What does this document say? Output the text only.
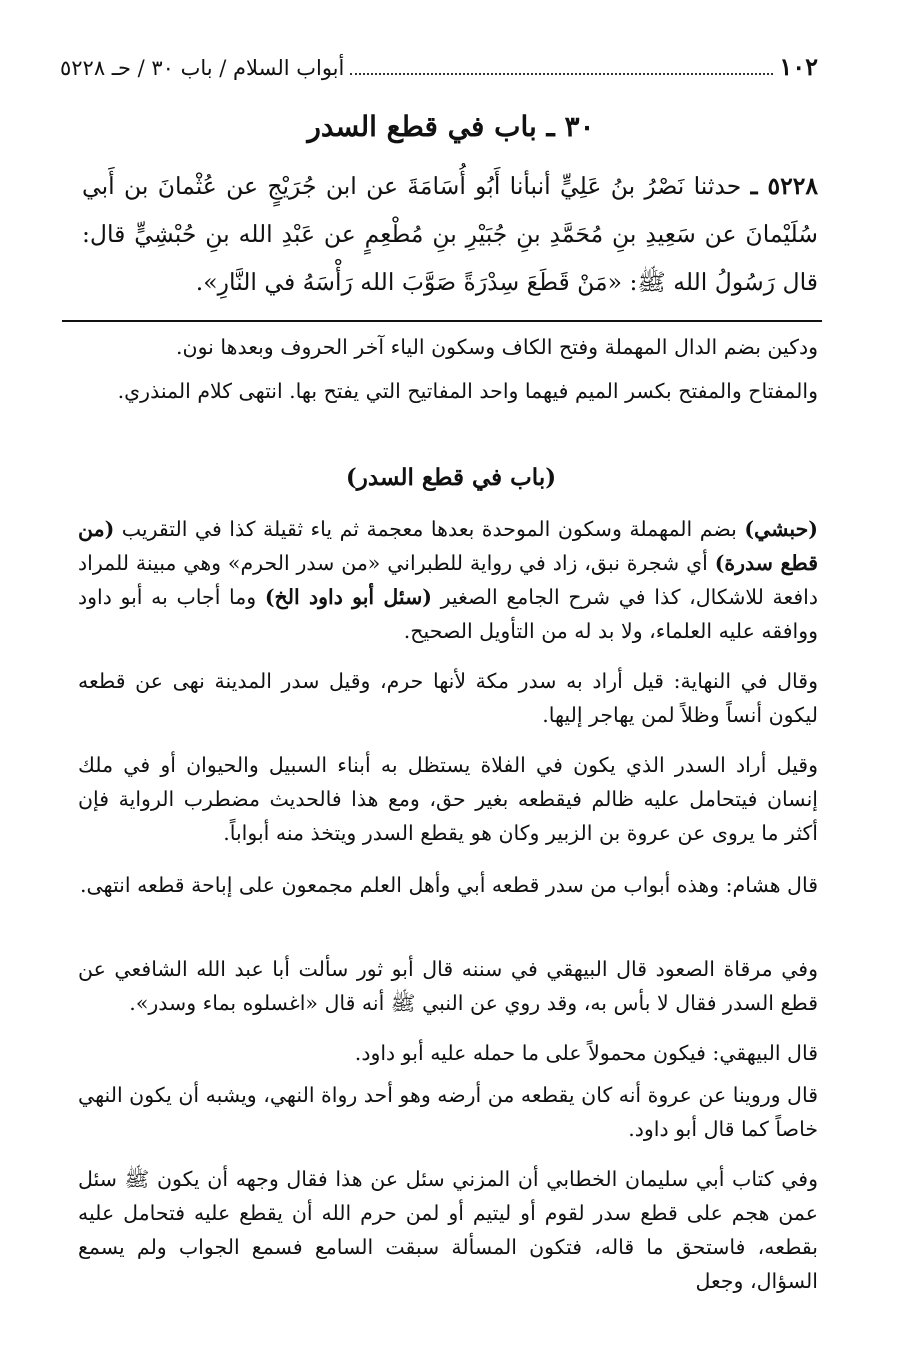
١٠٢
أبواب السلام / باب ٣٠ / حـ ٥٢٢٨
٣٠ ـ باب في قطع السدر

٥٢٢٨ ـ حدثنا نَصْرُ بنُ عَلِيٍّ أنبأنا أَبُو أُسَامَةَ عن ابن جُرَيْجٍ عن عُثْمانَ بن أَبي سُلَيْمانَ عن سَعِيدِ بنِ مُحَمَّدِ بنِ جُبَيْرِ بنِ مُطْعِمٍ عن عَبْدِ الله بنِ حُبْشِيٍّ قال: قال رَسُولُ الله ﷺ: «مَنْ قَطَعَ سِدْرَةً صَوَّبَ الله رَأْسَهُ في النَّارِ».

ودكين بضم الدال المهملة وفتح الكاف وسكون الياء آخر الحروف وبعدها نون.

والمفتاح والمفتح بكسر الميم فيهما واحد المفاتيح التي يفتح بها. انتهى كلام المنذري.

(باب في قطع السدر)

(حبشي) بضم المهملة وسكون الموحدة بعدها معجمة ثم ياء ثقيلة كذا في التقريب (من قطع سدرة) أي شجرة نبق، زاد في رواية للطبراني «من سدر الحرم» وهي مبينة للمراد دافعة للاشكال، كذا في شرح الجامع الصغير (سئل أبو داود الخ) وما أجاب به أبو داود ووافقه عليه العلماء، ولا بد له من التأويل الصحيح.

وقال في النهاية: قيل أراد به سدر مكة لأنها حرم، وقيل سدر المدينة نهى عن قطعه ليكون أنساً وظلاً لمن يهاجر إليها.

وقيل أراد السدر الذي يكون في الفلاة يستظل به أبناء السبيل والحيوان أو في ملك إنسان فيتحامل عليه ظالم فيقطعه بغير حق، ومع هذا فالحديث مضطرب الرواية فإن أكثر ما يروى عن عروة بن الزبير وكان هو يقطع السدر ويتخذ منه أبواباً.

قال هشام: وهذه أبواب من سدر قطعه أبي وأهل العلم مجمعون على إباحة قطعه انتهى.

وفي مرقاة الصعود قال البيهقي في سننه قال أبو ثور سألت أبا عبد الله الشافعي عن قطع السدر فقال لا بأس به، وقد روي عن النبي ﷺ أنه قال «اغسلوه بماء وسدر».

قال البيهقي: فيكون محمولاً على ما حمله عليه أبو داود.

قال وروينا عن عروة أنه كان يقطعه من أرضه وهو أحد رواة النهي، ويشبه أن يكون النهي خاصاً كما قال أبو داود.

وفي كتاب أبي سليمان الخطابي أن المزني سئل عن هذا فقال وجهه أن يكون ﷺ سئل عمن هجم على قطع سدر لقوم أو ليتيم أو لمن حرم الله أن يقطع عليه فتحامل عليه بقطعه، فاستحق ما قاله، فتكون المسألة سبقت السامع فسمع الجواب ولم يسمع السؤال، وجعل
